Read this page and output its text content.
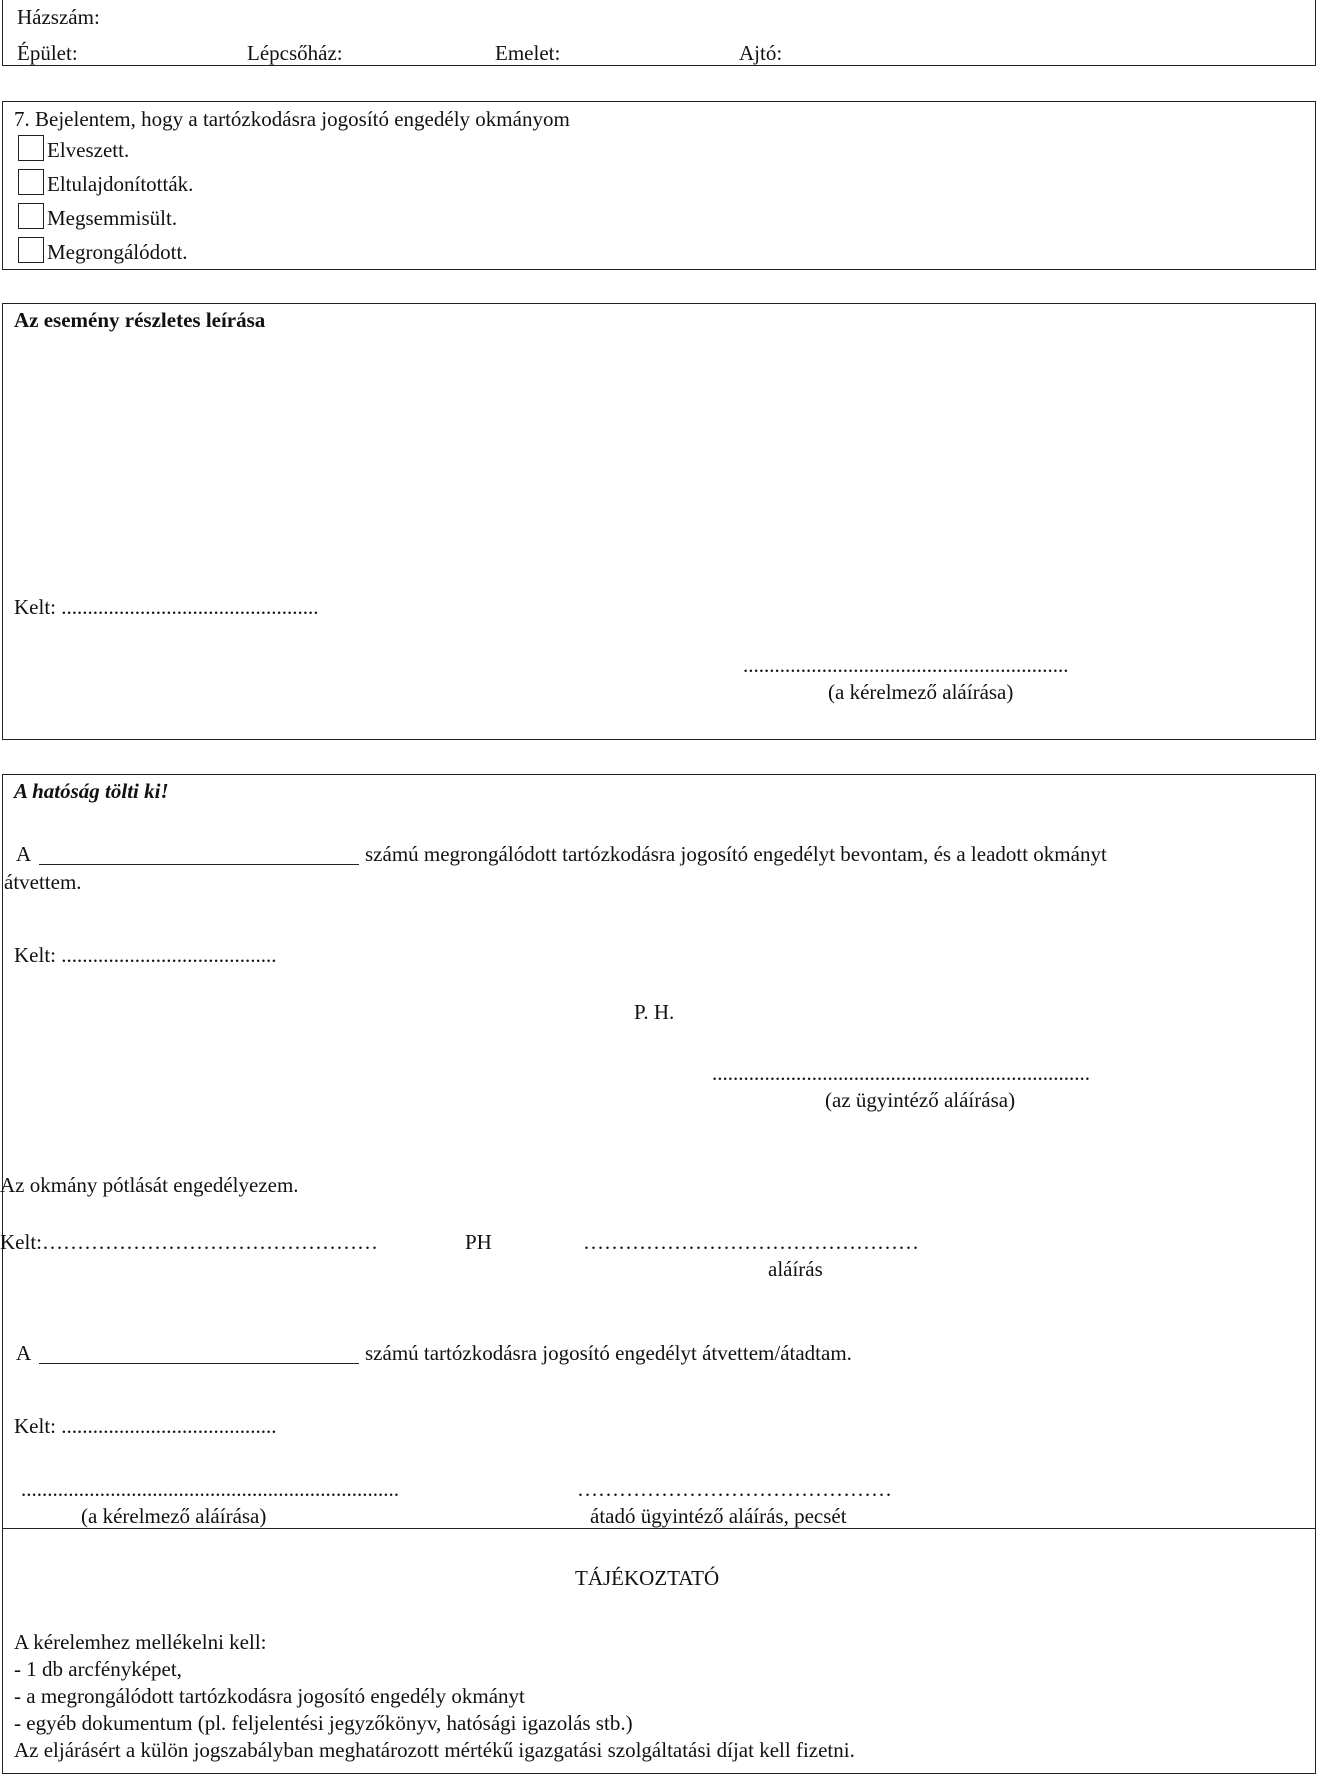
Házszám:
Épület:	Lépcsőház:	Emelet:	Ajtó:
7. Bejelentem, hogy a tartózkodásra jogosító engedély okmányom
Elveszett.
Eltulajdonították.
Megsemmisült.
Megrongálódott.
Az esemény részletes leírása
Kelt: .................................................
..............................................................
(a kérelmező aláírása)
A hatóság tölti ki!
A	számú megrongálódott tartózkodásra jogosító engedélyt bevontam, és a leadott okmányt
átvettem.
Kelt: .........................................
P. H.
........................................................................
(az ügyintéző aláírása)
Az okmány pótlását engedélyezem.
Kelt:…………………………………………	PH	…………………………………………
aláírás
A	számú tartózkodásra jogosító engedélyt átvettem/átadtam.
Kelt: .........................................
........................................................................
(a kérelmező aláírása)
………………………………………
átadó ügyintéző aláírás, pecsét
TÁJÉKOZTATÓ
A kérelemhez mellékelni kell:
- 1 db arcfényképet,
- a megrongálódott tartózkodásra jogosító engedély okmányt
- egyéb dokumentum (pl. feljelentési jegyzőkönyv, hatósági igazolás stb.)
Az eljárásért a külön jogszabályban meghatározott mértékű igazgatási szolgáltatási díjat kell fizetni.
